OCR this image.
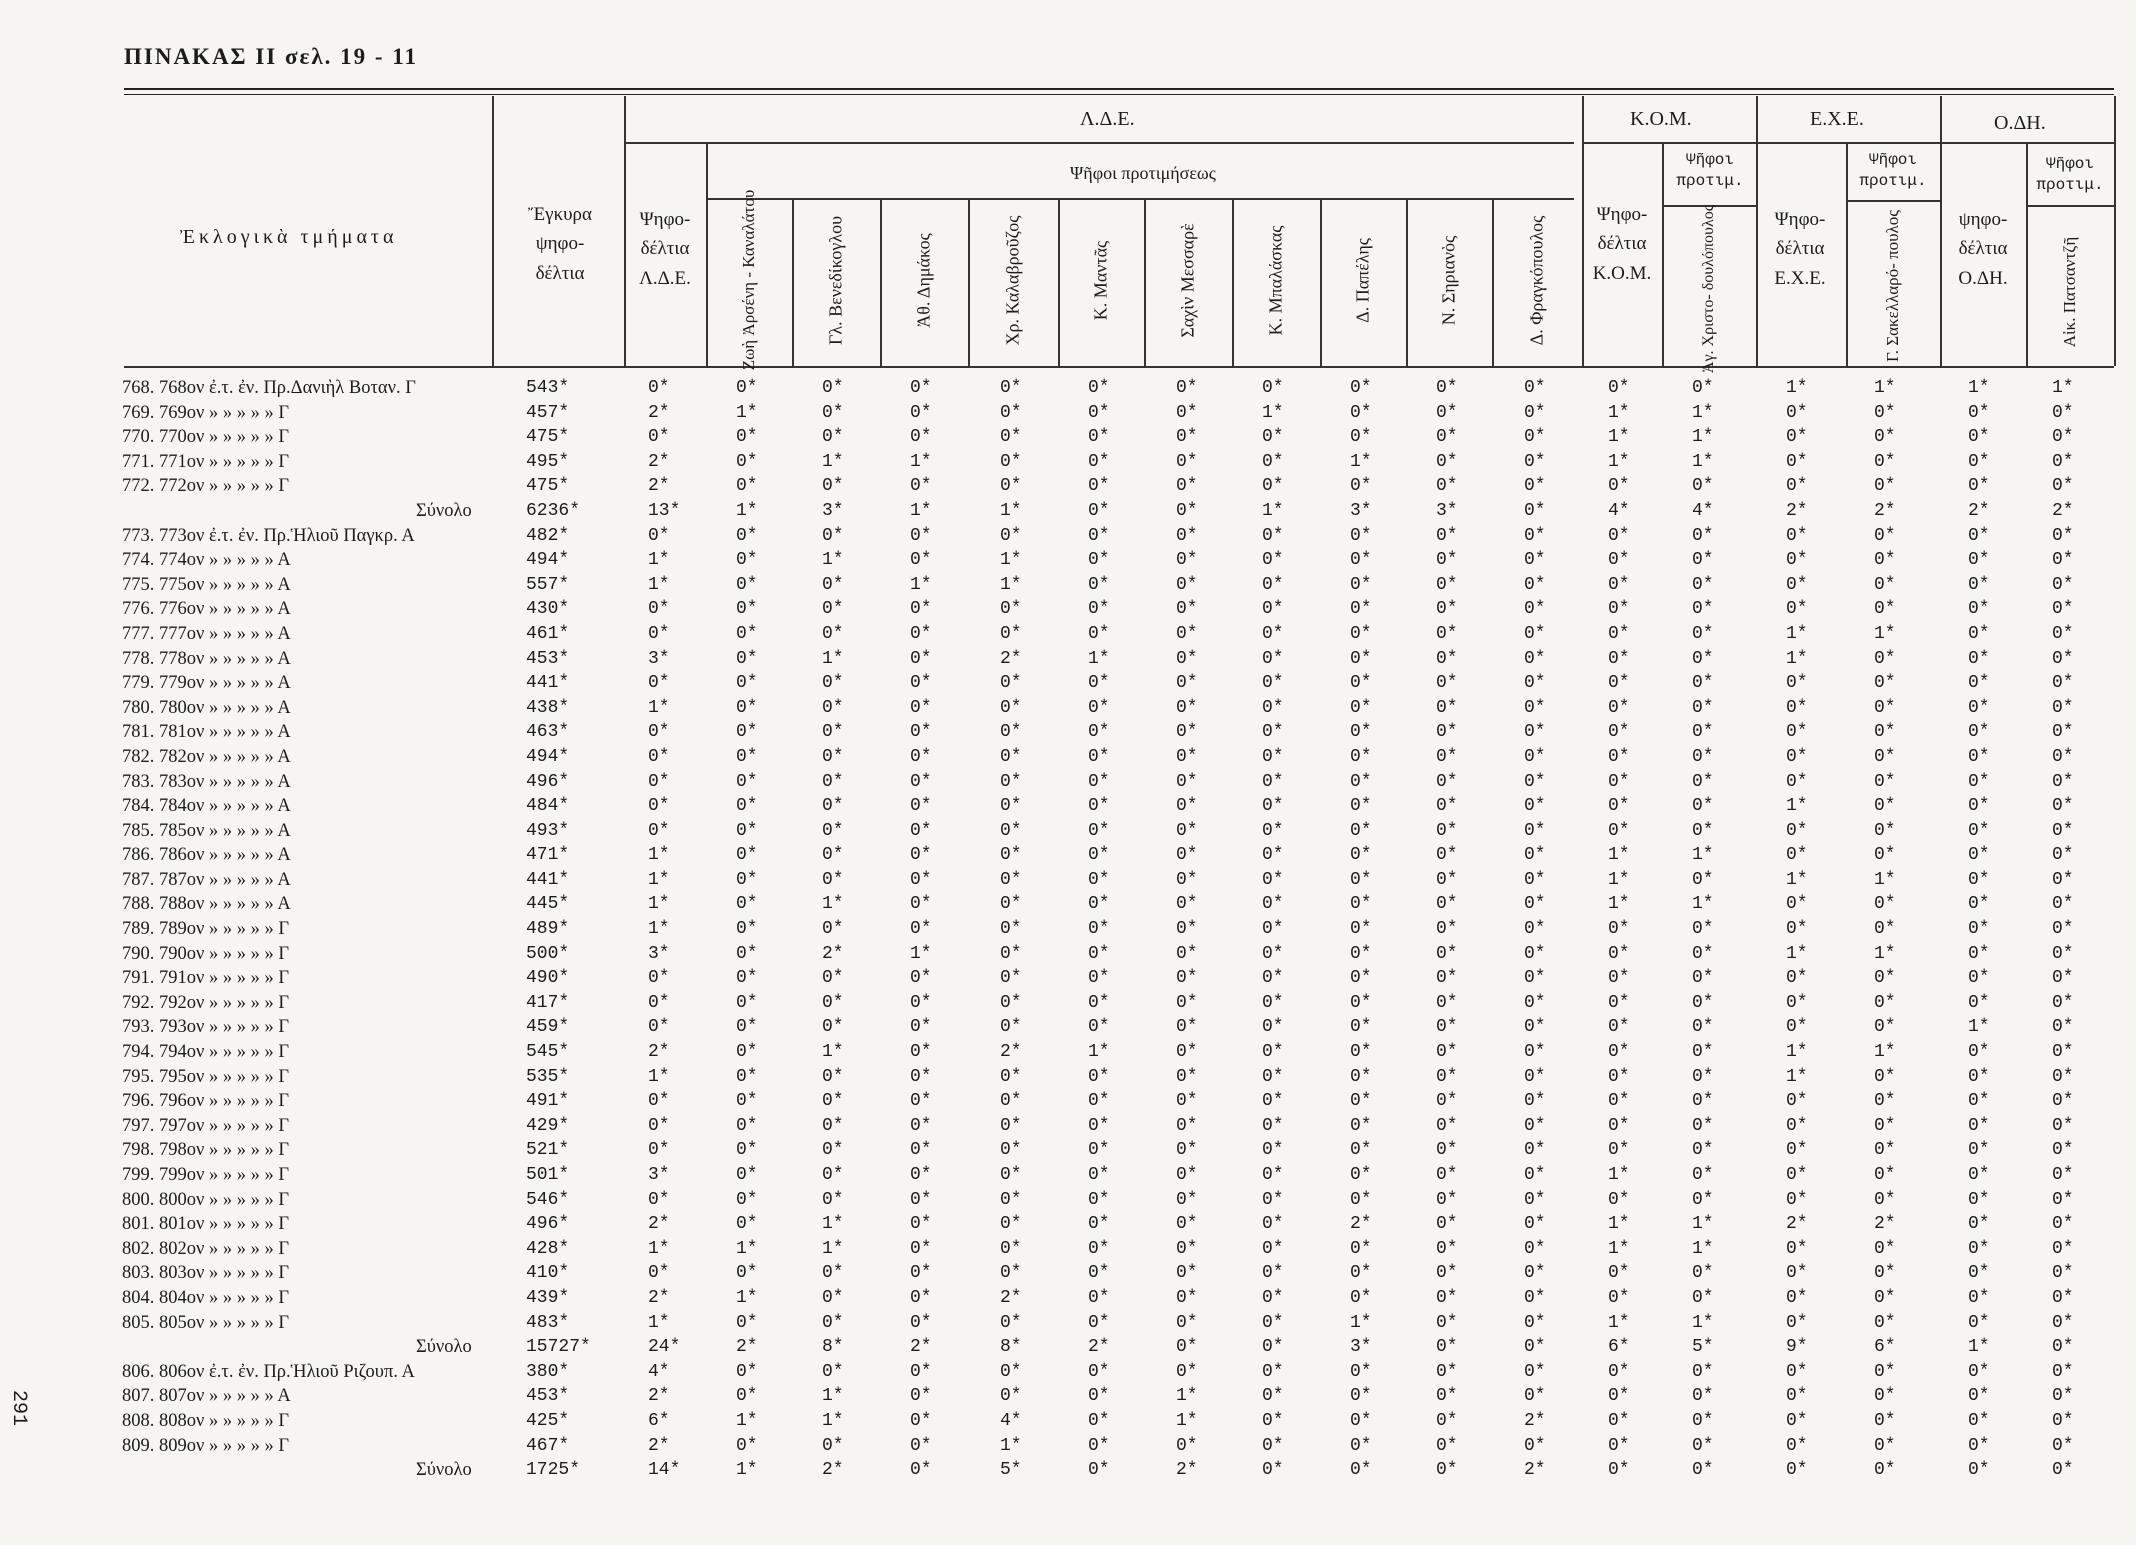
ΠΙΝΑΚΑΣ ΙΙ σελ. 19 - 11
291
Ἐκλογικὰ τμήματα
Ἔγκυρα ψηφο- δέλτια
Λ.Δ.Ε.
Ψηφο- δέλτια Λ.Δ.Ε.
Ψῆφοι προτιμήσεως
Κ.Ο.Μ.
Ψηφο- δέλτια Κ.Ο.Μ.
Ψῆφοι προτιμ.
Ε.Χ.Ε.
Ψηφο- δέλτια Ε.Χ.Ε.
Ψῆφοι προτιμ.
Ο.ΔΗ.
ψηφο- δέλτια Ο.ΔΗ.
Ψῆφοι προτιμ.
Ζωὴ Ἀρσένη - Καναλάτου	Γλ. Βενεδίκογλου	Ἀθ. Δημάκος	Χρ. Καλαβροῦζος	Κ. Μαντᾶς	Σαχὶν Μεσσαρὲ	Κ. Μπαλάσκας	Δ. Παπέλης	Ν. Σηριανὸς	Δ. Φραγκόπουλος	Ἀγ. Χριστο- δουλόπουλος	Γ. Σακελλαρό- πουλος	Αἰκ. Πατσαντζῆ
768. 768ον ἐ.τ. ἐν. Πρ.Δανιὴλ Βοταν. Γ	543*	0*	0*	0*	0*	0*	0*	0*	0*	0*	0*	0*	0*	0*	1*	1*	1*	1*
769. 769ον » » » » » Γ	457*	2*	1*	0*	0*	0*	0*	0*	1*	0*	0*	0*	1*	1*	0*	0*	0*	0*
770. 770ον » » » » » Γ	475*	0*	0*	0*	0*	0*	0*	0*	0*	0*	0*	0*	1*	1*	0*	0*	0*	0*
771. 771ον » » » » » Γ	495*	2*	0*	1*	1*	0*	0*	0*	0*	1*	0*	0*	1*	1*	0*	0*	0*	0*
772. 772ον » » » » » Γ	475*	2*	0*	0*	0*	0*	0*	0*	0*	0*	0*	0*	0*	0*	0*	0*	0*	0*
Σύνολο	6236*	13*	1*	3*	1*	1*	0*	0*	1*	3*	3*	0*	4*	4*	2*	2*	2*	2*
773. 773ον ἐ.τ. ἐν. Πρ.Ἡλιοῦ Παγκρ. Α	482*	0*	0*	0*	0*	0*	0*	0*	0*	0*	0*	0*	0*	0*	0*	0*	0*	0*
774. 774ον » » » » » Α	494*	1*	0*	1*	0*	1*	0*	0*	0*	0*	0*	0*	0*	0*	0*	0*	0*	0*
775. 775ον » » » » » Α	557*	1*	0*	0*	1*	1*	0*	0*	0*	0*	0*	0*	0*	0*	0*	0*	0*	0*
776. 776ον » » » » » Α	430*	0*	0*	0*	0*	0*	0*	0*	0*	0*	0*	0*	0*	0*	0*	0*	0*	0*
777. 777ον » » » » » Α	461*	0*	0*	0*	0*	0*	0*	0*	0*	0*	0*	0*	0*	0*	1*	1*	0*	0*
778. 778ον » » » » » Α	453*	3*	0*	1*	0*	2*	1*	0*	0*	0*	0*	0*	0*	0*	1*	0*	0*	0*
779. 779ον » » » » » Α	441*	0*	0*	0*	0*	0*	0*	0*	0*	0*	0*	0*	0*	0*	0*	0*	0*	0*
780. 780ον » » » » » Α	438*	1*	0*	0*	0*	0*	0*	0*	0*	0*	0*	0*	0*	0*	0*	0*	0*	0*
781. 781ον » » » » » Α	463*	0*	0*	0*	0*	0*	0*	0*	0*	0*	0*	0*	0*	0*	0*	0*	0*	0*
782. 782ον » » » » » Α	494*	0*	0*	0*	0*	0*	0*	0*	0*	0*	0*	0*	0*	0*	0*	0*	0*	0*
783. 783ον » » » » » Α	496*	0*	0*	0*	0*	0*	0*	0*	0*	0*	0*	0*	0*	0*	0*	0*	0*	0*
784. 784ον » » » » » Α	484*	0*	0*	0*	0*	0*	0*	0*	0*	0*	0*	0*	0*	0*	1*	0*	0*	0*
785. 785ον » » » » » Α	493*	0*	0*	0*	0*	0*	0*	0*	0*	0*	0*	0*	0*	0*	0*	0*	0*	0*
786. 786ον » » » » » Α	471*	1*	0*	0*	0*	0*	0*	0*	0*	0*	0*	0*	1*	1*	0*	0*	0*	0*
787. 787ον » » » » » Α	441*	1*	0*	0*	0*	0*	0*	0*	0*	0*	0*	0*	1*	0*	1*	1*	0*	0*
788. 788ον » » » » » Α	445*	1*	0*	1*	0*	0*	0*	0*	0*	0*	0*	0*	1*	1*	0*	0*	0*	0*
789. 789ον » » » » » Γ	489*	1*	0*	0*	0*	0*	0*	0*	0*	0*	0*	0*	0*	0*	0*	0*	0*	0*
790. 790ον » » » » » Γ	500*	3*	0*	2*	1*	0*	0*	0*	0*	0*	0*	0*	0*	0*	1*	1*	0*	0*
791. 791ον » » » » » Γ	490*	0*	0*	0*	0*	0*	0*	0*	0*	0*	0*	0*	0*	0*	0*	0*	0*	0*
792. 792ον » » » » » Γ	417*	0*	0*	0*	0*	0*	0*	0*	0*	0*	0*	0*	0*	0*	0*	0*	0*	0*
793. 793ον » » » » » Γ	459*	0*	0*	0*	0*	0*	0*	0*	0*	0*	0*	0*	0*	0*	0*	0*	1*	0*
794. 794ον » » » » » Γ	545*	2*	0*	1*	0*	2*	1*	0*	0*	0*	0*	0*	0*	0*	1*	1*	0*	0*
795. 795ον » » » » » Γ	535*	1*	0*	0*	0*	0*	0*	0*	0*	0*	0*	0*	0*	0*	1*	0*	0*	0*
796. 796ον » » » » » Γ	491*	0*	0*	0*	0*	0*	0*	0*	0*	0*	0*	0*	0*	0*	0*	0*	0*	0*
797. 797ον » » » » » Γ	429*	0*	0*	0*	0*	0*	0*	0*	0*	0*	0*	0*	0*	0*	0*	0*	0*	0*
798. 798ον » » » » » Γ	521*	0*	0*	0*	0*	0*	0*	0*	0*	0*	0*	0*	0*	0*	0*	0*	0*	0*
799. 799ον » » » » » Γ	501*	3*	0*	0*	0*	0*	0*	0*	0*	0*	0*	0*	1*	0*	0*	0*	0*	0*
800. 800ον » » » » » Γ	546*	0*	0*	0*	0*	0*	0*	0*	0*	0*	0*	0*	0*	0*	0*	0*	0*	0*
801. 801ον » » » » » Γ	496*	2*	0*	1*	0*	0*	0*	0*	0*	2*	0*	0*	1*	1*	2*	2*	0*	0*
802. 802ον » » » » » Γ	428*	1*	1*	1*	0*	0*	0*	0*	0*	0*	0*	0*	1*	1*	0*	0*	0*	0*
803. 803ον » » » » » Γ	410*	0*	0*	0*	0*	0*	0*	0*	0*	0*	0*	0*	0*	0*	0*	0*	0*	0*
804. 804ον » » » » » Γ	439*	2*	1*	0*	0*	2*	0*	0*	0*	0*	0*	0*	0*	0*	0*	0*	0*	0*
805. 805ον » » » » » Γ	483*	1*	0*	0*	0*	0*	0*	0*	0*	1*	0*	0*	1*	1*	0*	0*	0*	0*
Σύνολο	15727*	24*	2*	8*	2*	8*	2*	0*	0*	3*	0*	0*	6*	5*	9*	6*	1*	0*
806. 806ον ἐ.τ. ἐν. Πρ.Ἡλιοῦ Ριζουπ. Α	380*	4*	0*	0*	0*	0*	0*	0*	0*	0*	0*	0*	0*	0*	0*	0*	0*	0*
807. 807ον » » » » » Α	453*	2*	0*	1*	0*	0*	0*	1*	0*	0*	0*	0*	0*	0*	0*	0*	0*	0*
808. 808ον » » » » » Γ	425*	6*	1*	1*	0*	4*	0*	1*	0*	0*	0*	2*	0*	0*	0*	0*	0*	0*
809. 809ον » » » » » Γ	467*	2*	0*	0*	0*	1*	0*	0*	0*	0*	0*	0*	0*	0*	0*	0*	0*	0*
Σύνολο	1725*	14*	1*	2*	0*	5*	0*	2*	0*	0*	0*	2*	0*	0*	0*	0*	0*	0*
